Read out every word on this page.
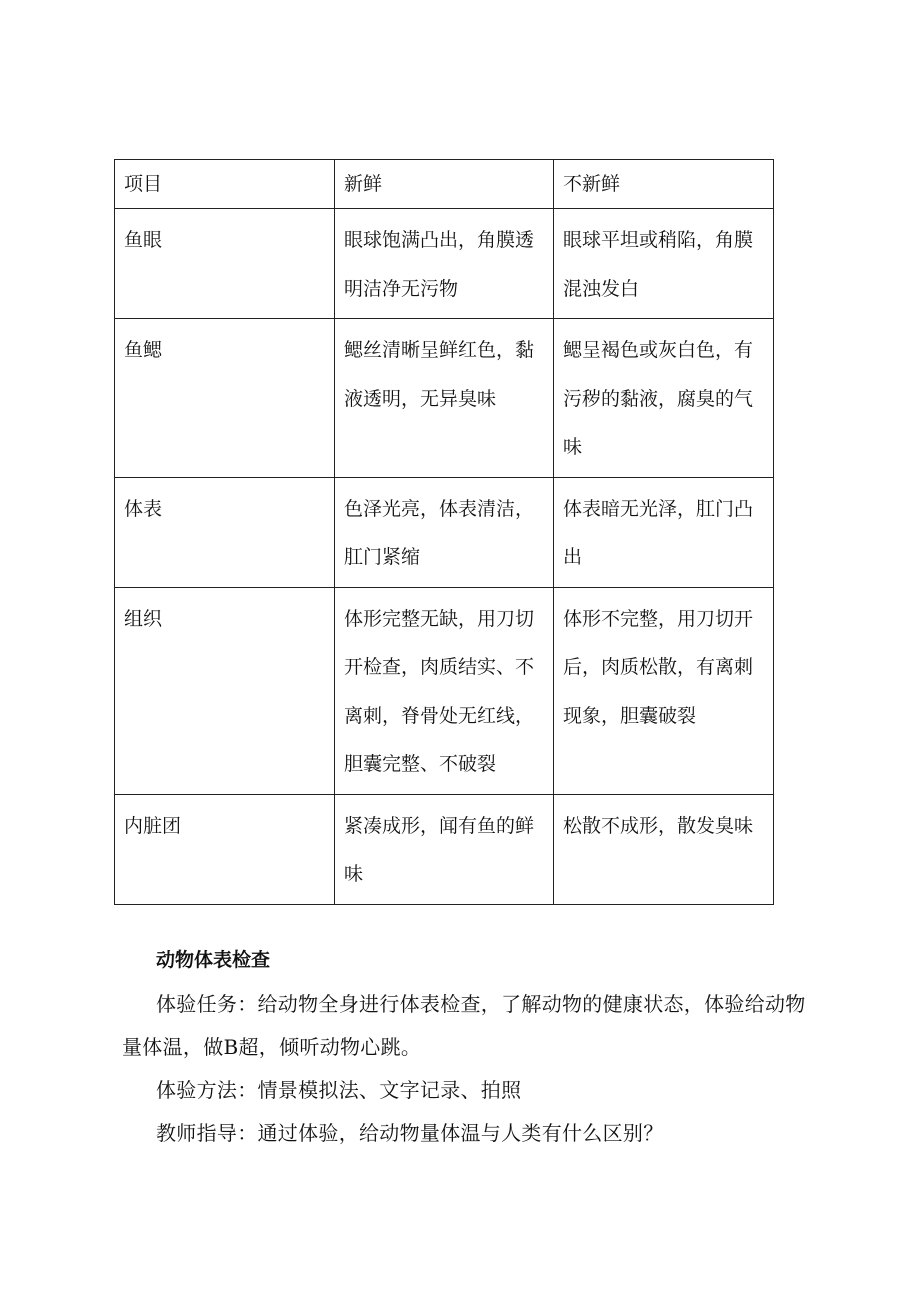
项目	新鲜	不新鲜
鱼眼	眼球饱满凸出，角膜透明洁净无污物	眼球平坦或稍陷，角膜混浊发白
鱼鳃	鳃丝清晰呈鲜红色，黏液透明，无异臭味	鳃呈褐色或灰白色，有污秽的黏液，腐臭的气味
体表	色泽光亮，体表清洁，肛门紧缩	体表暗无光泽，肛门凸出
组织	体形完整无缺，用刀切开检查，肉质结实、不离刺，脊骨处无红线，胆囊完整、不破裂	体形不完整，用刀切开后，肉质松散，有离刺现象，胆囊破裂
内脏团	紧凑成形，闻有鱼的鲜味	松散不成形，散发臭味

动物体表检查

体验任务：给动物全身进行体表检查，了解动物的健康状态，体验给动物量体温，做B超，倾听动物心跳。

体验方法：情景模拟法、文字记录、拍照

教师指导：通过体验，给动物量体温与人类有什么区别？
